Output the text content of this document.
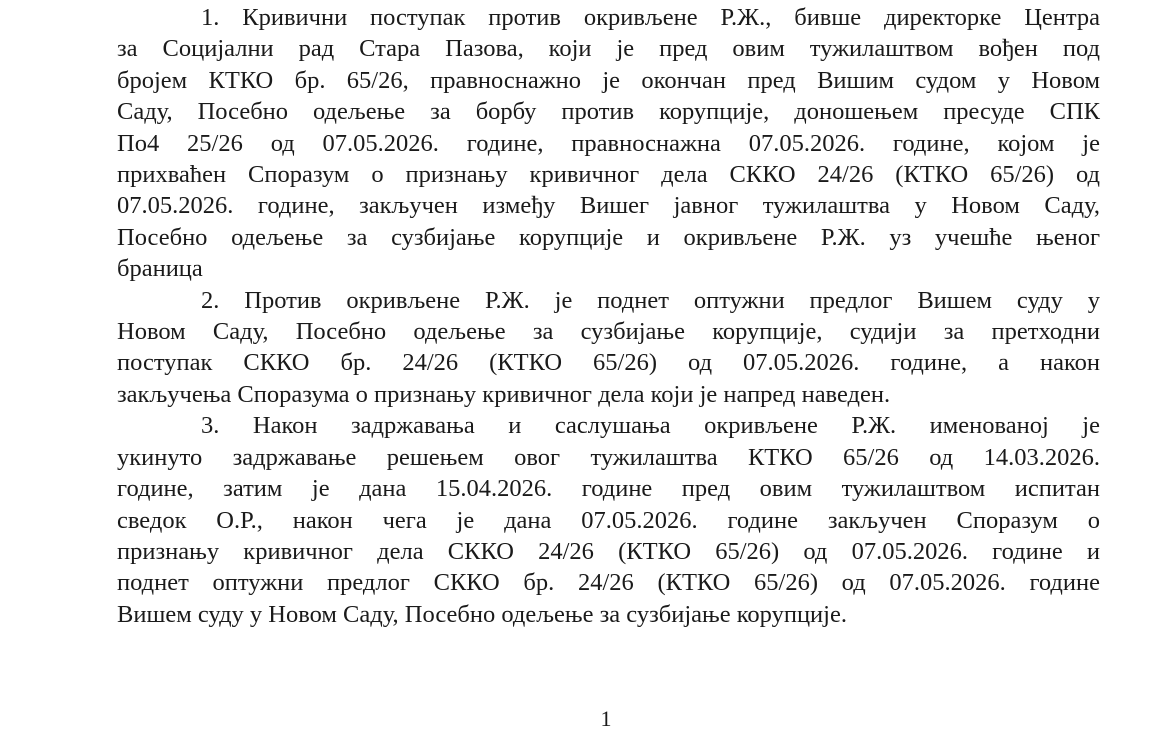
1. Кривични поступак против окривљене Р.Ж., бивше директорке Центра

за Социјални рад Стара Пазова, који је пред овим тужилаштвом вођен под

бројем КТКО бр. 65/26, правноснажно је окончан пред Вишим судом у Новом

Саду, Посебно одељење за борбу против корупције, доношењем пресуде СПК

По4 25/26 од 07.05.2026. године, правноснажна 07.05.2026. године, којом је

прихваћен Споразум о признању кривичног дела СККО 24/26 (КТКО 65/26) од

07.05.2026. године, закључен између Вишег јавног тужилаштва у Новом Саду,

Посебно одељење за сузбијање корупције и окривљене Р.Ж. уз учешће њеног

браница

2. Против окривљене Р.Ж. је поднет оптужни предлог Вишем суду у

Новом Саду, Посебно одељење за сузбијање корупције, судији за претходни

поступак СККО бр. 24/26 (КТКО 65/26) од 07.05.2026. године, а након

закључења Споразума о признању кривичног дела који је напред наведен.

3. Након задржавања и саслушања окривљене Р.Ж. именованој је

укинуто задржавање решењем овог тужилаштва КТКО 65/26 од 14.03.2026.

године, затим је дана 15.04.2026. године пред овим тужилаштвом испитан

сведок О.Р., након чега је дана 07.05.2026. године закључен Споразум о

признању кривичног дела СККО 24/26 (КТКО 65/26) од 07.05.2026. године и

поднет оптужни предлог СККО бр. 24/26 (КТКО 65/26) од 07.05.2026. године

Вишем суду у Новом Саду, Посебно одељење за сузбијање корупције.

1
